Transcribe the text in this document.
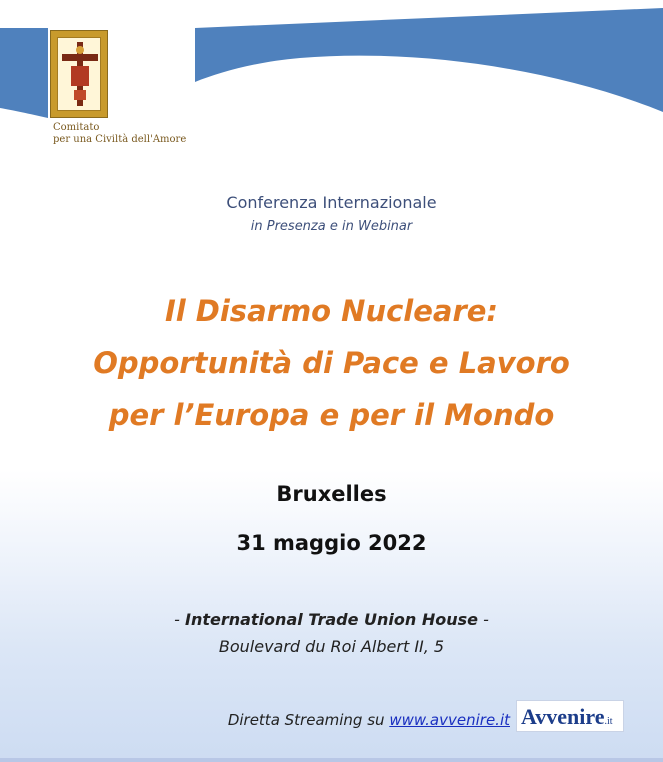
Comitato
per una Civiltà dell'Amore
Conferenza Internazionale
in Presenza e in Webinar
Il Disarmo Nucleare:
Opportunità di Pace e Lavoro
per l’Europa e per il Mondo
Bruxelles
31 maggio 2022
- International Trade Union House -
Boulevard du Roi Albert II, 5
Diretta Streaming su www.avvenire.it Avvenire.it
